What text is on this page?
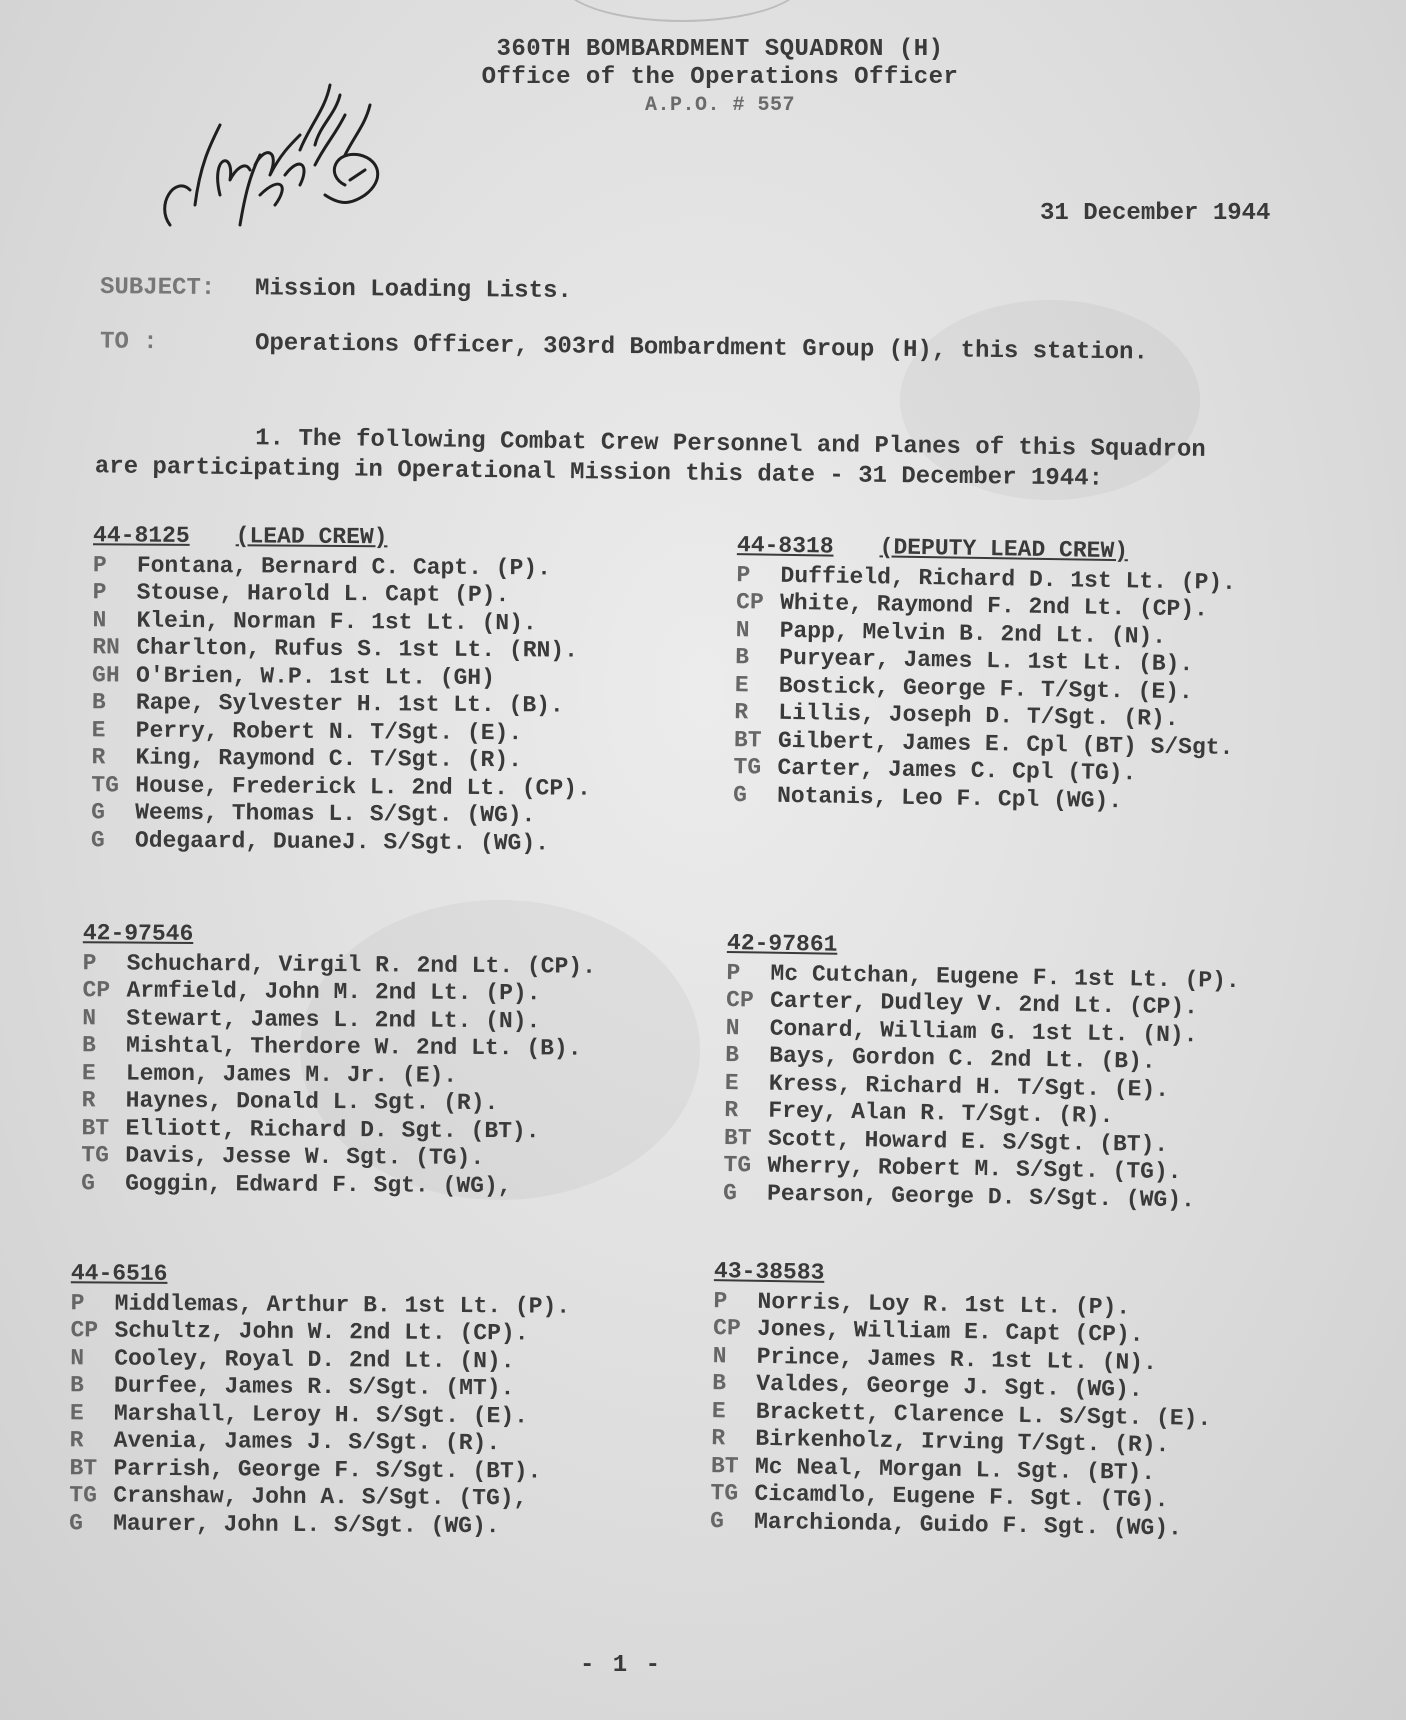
360TH BOMBARDMENT SQUADRON (H)
Office of the Operations Officer
A.P.O. # 557
31 December 1944
SUBJECT: Mission Loading Lists.
TO :	Operations Officer, 303rd Bombardment Group (H), this station.
1. The following Combat Crew Personnel and Planes of this Squadron
are participating in Operational Mission this date - 31 December 1944:
44-8125 (LEAD CREW)
P Fontana, Bernard C. Capt. (P).
P Stouse, Harold L. Capt (P).
N Klein, Norman F. 1st Lt. (N).
RN Charlton, Rufus S. 1st Lt. (RN).
GH O'Brien, W.P. 1st Lt. (GH)
B Rape, Sylvester H. 1st Lt. (B).
E Perry, Robert N. T/Sgt. (E).
R King, Raymond C. T/Sgt. (R).
TG House, Frederick L. 2nd Lt. (CP).
G Weems, Thomas L. S/Sgt. (WG).
G Odegaard, DuaneJ. S/Sgt. (WG).
44-8318 (DEPUTY LEAD CREW)
P Duffield, Richard D. 1st Lt. (P).
CP White, Raymond F. 2nd Lt. (CP).
N Papp, Melvin B. 2nd Lt. (N).
B Puryear, James L. 1st Lt. (B).
E Bostick, George F. T/Sgt. (E).
R Lillis, Joseph D. T/Sgt. (R).
BT Gilbert, James E. Cpl (BT) S/Sgt.
TG Carter, James C. Cpl (TG).
G Notanis, Leo F. Cpl (WG).
42-97546
P Schuchard, Virgil R. 2nd Lt. (CP).
CP Armfield, John M. 2nd Lt. (P).
N Stewart, James L. 2nd Lt. (N).
B Mishtal, Therdore W. 2nd Lt. (B).
E Lemon, James M. Jr. (E).
R Haynes, Donald L. Sgt. (R).
BT Elliott, Richard D. Sgt. (BT).
TG Davis, Jesse W. Sgt. (TG).
G Goggin, Edward F. Sgt. (WG),
42-97861
P Mc Cutchan, Eugene F. 1st Lt. (P).
CP Carter, Dudley V. 2nd Lt. (CP).
N Conard, William G. 1st Lt. (N).
B Bays, Gordon C. 2nd Lt. (B).
E Kress, Richard H. T/Sgt. (E).
R Frey, Alan R. T/Sgt. (R).
BT Scott, Howard E. S/Sgt. (BT).
TG Wherry, Robert M. S/Sgt. (TG).
G Pearson, George D. S/Sgt. (WG).
44-6516
P Middlemas, Arthur B. 1st Lt. (P).
CP Schultz, John W. 2nd Lt. (CP).
N Cooley, Royal D. 2nd Lt. (N).
B Durfee, James R. S/Sgt. (MT).
E Marshall, Leroy H. S/Sgt. (E).
R Avenia, James J. S/Sgt. (R).
BT Parrish, George F. S/Sgt. (BT).
TG Cranshaw, John A. S/Sgt. (TG),
G Maurer, John L. S/Sgt. (WG).
43-38583
P Norris, Loy R. 1st Lt. (P).
CP Jones, William E. Capt (CP).
N Prince, James R. 1st Lt. (N).
B Valdes, George J. Sgt. (WG).
E Brackett, Clarence L. S/Sgt. (E).
R Birkenholz, Irving T/Sgt. (R).
BT Mc Neal, Morgan L. Sgt. (BT).
TG Cicamdlo, Eugene F. Sgt. (TG).
G Marchionda, Guido F. Sgt. (WG).
- 1 -
